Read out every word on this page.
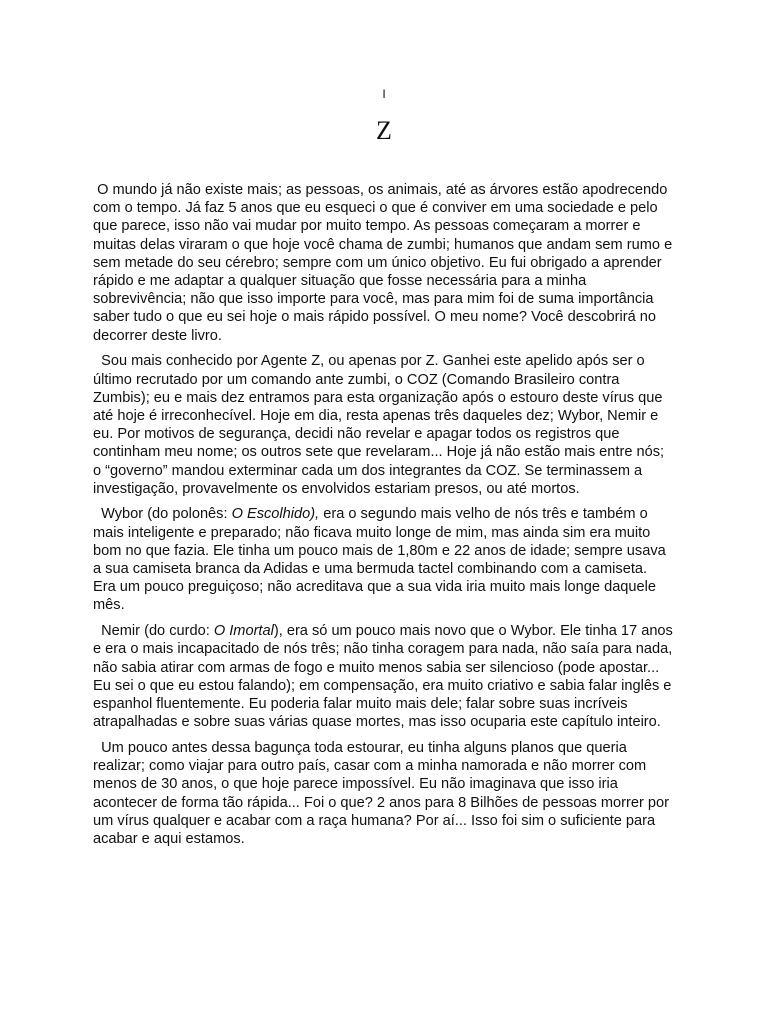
I
Z

O mundo já não existe mais; as pessoas, os animais, até as árvores estão apodrecendo com o tempo. Já faz 5 anos que eu esqueci o que é conviver em uma sociedade e pelo que parece, isso não vai mudar por muito tempo. As pessoas começaram a morrer e muitas delas viraram o que hoje você chama de zumbi; humanos que andam sem rumo e sem metade do seu cérebro; sempre com um único objetivo. Eu fui obrigado a aprender rápido e me adaptar a qualquer situação que fosse necessária para a minha sobrevivência; não que isso importe para você, mas para mim foi de suma importância saber tudo o que eu sei hoje o mais rápido possível. O meu nome? Você descobrirá no decorrer deste livro.

Sou mais conhecido por Agente Z, ou apenas por Z. Ganhei este apelido após ser o último recrutado por um comando ante zumbi, o COZ (Comando Brasileiro contra Zumbis); eu e mais dez entramos para esta organização após o estouro deste vírus que até hoje é irreconhecível. Hoje em dia, resta apenas três daqueles dez; Wybor, Nemir e eu. Por motivos de segurança, decidi não revelar e apagar todos os registros que continham meu nome; os outros sete que revelaram... Hoje já não estão mais entre nós; o “governo” mandou exterminar cada um dos integrantes da COZ. Se terminassem a investigação, provavelmente os envolvidos estariam presos, ou até mortos.

Wybor (do polonês: O Escolhido), era o segundo mais velho de nós três e também o mais inteligente e preparado; não ficava muito longe de mim, mas ainda sim era muito bom no que fazia. Ele tinha um pouco mais de 1,80m e 22 anos de idade; sempre usava a sua camiseta branca da Adidas e uma bermuda tactel combinando com a camiseta. Era um pouco preguiçoso; não acreditava que a sua vida iria muito mais longe daquele mês.

Nemir (do curdo: O Imortal), era só um pouco mais novo que o Wybor. Ele tinha 17 anos e era o mais incapacitado de nós três; não tinha coragem para nada, não saía para nada, não sabia atirar com armas de fogo e muito menos sabia ser silencioso (pode apostar... Eu sei o que eu estou falando); em compensação, era muito criativo e sabia falar inglês e espanhol fluentemente. Eu poderia falar muito mais dele; falar sobre suas incríveis atrapalhadas e sobre suas várias quase mortes, mas isso ocuparia este capítulo inteiro.

Um pouco antes dessa bagunça toda estourar, eu tinha alguns planos que queria realizar; como viajar para outro país, casar com a minha namorada e não morrer com menos de 30 anos, o que hoje parece impossível. Eu não imaginava que isso iria acontecer de forma tão rápida... Foi o que? 2 anos para 8 Bilhões de pessoas morrer por um vírus qualquer e acabar com a raça humana? Por aí... Isso foi sim o suficiente para acabar e aqui estamos.
